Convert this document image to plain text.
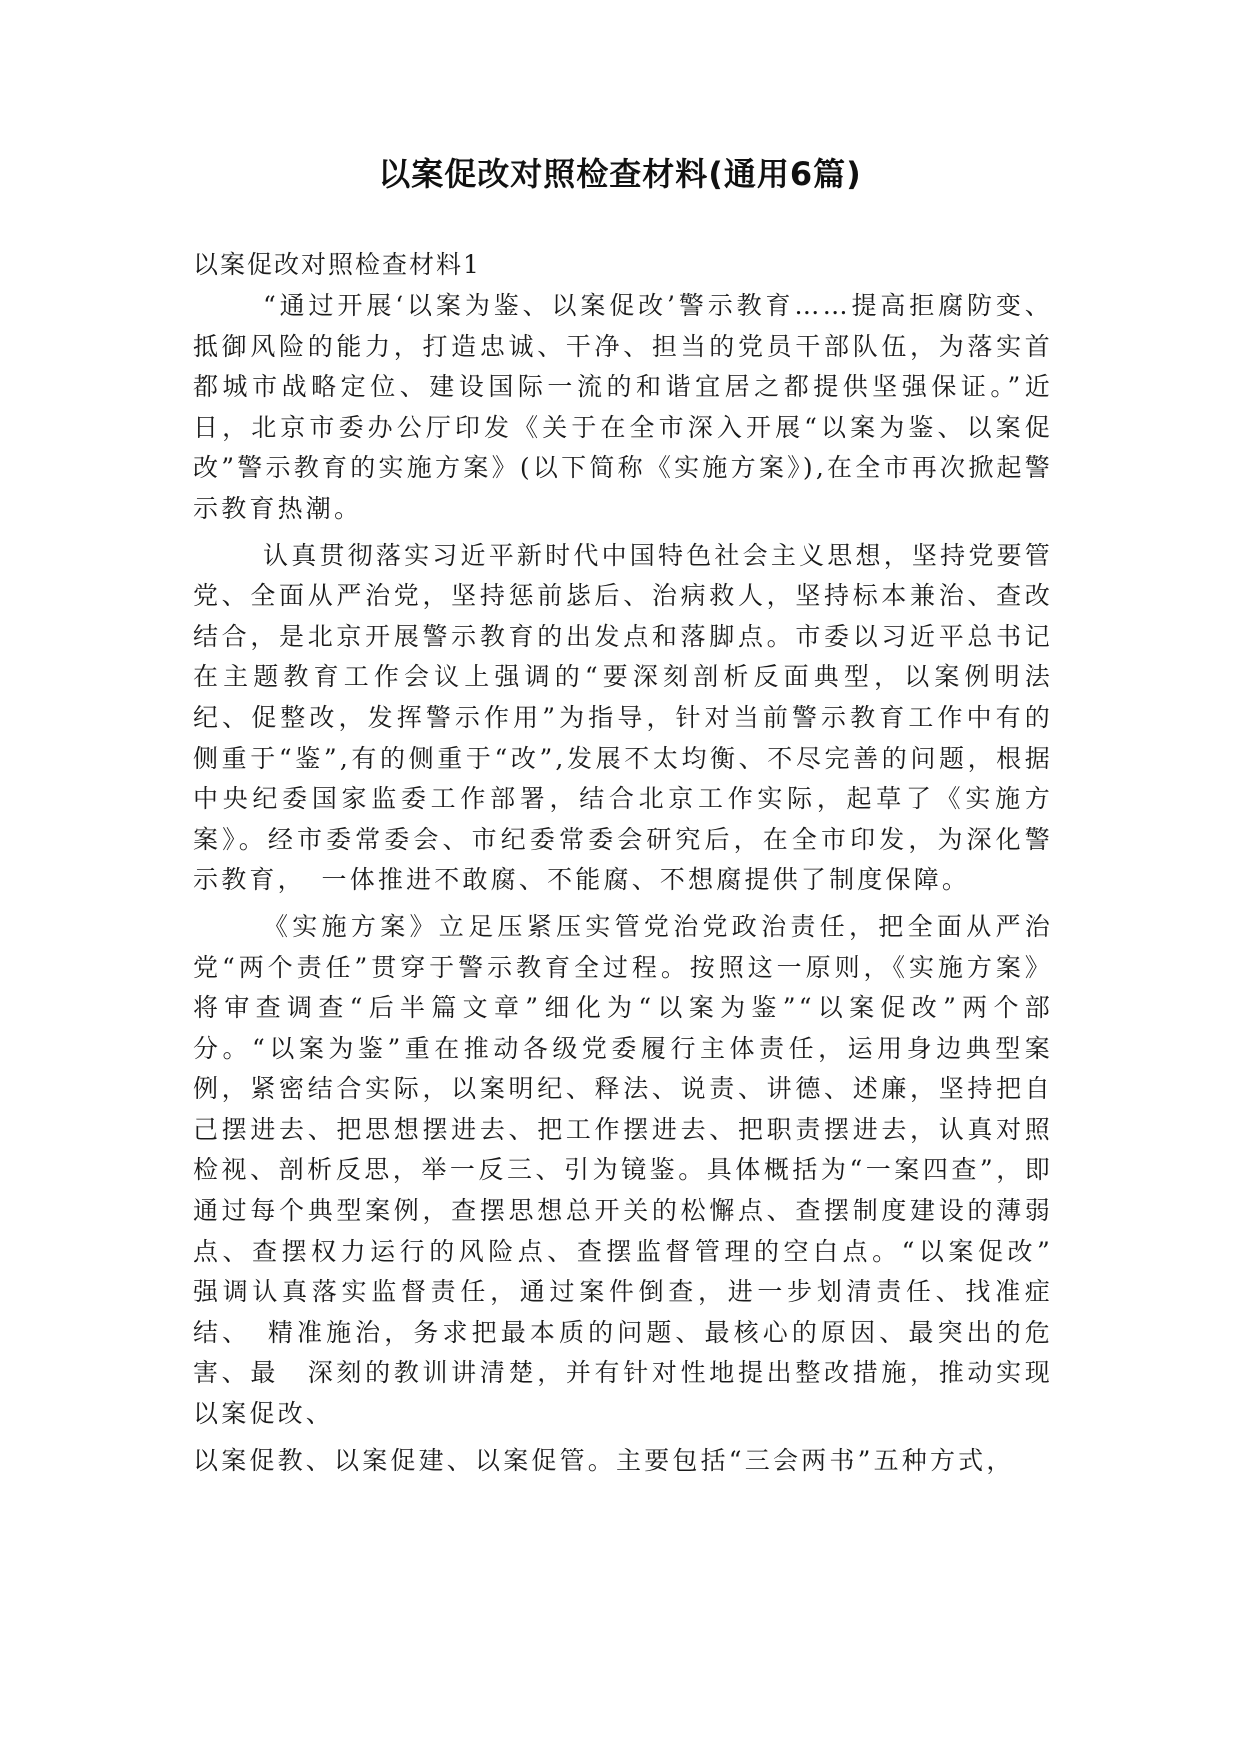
以案促改对照检查材料(通用6篇)
以案促改对照检查材料1

“通过开展‘以案为鉴、以案促改’警示教育……提高拒腐防变、抵御风险的能力，打造忠诚、干净、担当的党员干部队伍，为落实首都城市战略定位、建设国际一流的和谐宜居之都提供坚强保证。”近日，北京市委办公厅印发《关于在全市深入开展“以案为鉴、以案促改”警示教育的实施方案》(以下简称《实施方案》),在全市再次掀起警示教育热潮。

认真贯彻落实习近平新时代中国特色社会主义思想，坚持党要管党、全面从严治党，坚持惩前毖后、治病救人，坚持标本兼治、查改结合，是北京开展警示教育的出发点和落脚点。市委以习近平总书记在主题教育工作会议上强调的“要深刻剖析反面典型，以案例明法纪、促整改，发挥警示作用”为指导，针对当前警示教育工作中有的侧重于“鉴”,有的侧重于“改”,发展不太均衡、不尽完善的问题，根据中央纪委国家监委工作部署，结合北京工作实际，起草了《实施方案》。经市委常委会、市纪委常委会研究后，在全市印发，为深化警示教育，　一体推进不敢腐、不能腐、不想腐提供了制度保障。

《实施方案》立足压紧压实管党治党政治责任，把全面从严治党“两个责任”贯穿于警示教育全过程。按照这一原则，《实施方案》将审查调查“后半篇文章”细化为“以案为鉴”“以案促改”两个部分。“以案为鉴”重在推动各级党委履行主体责任，运用身边典型案例，紧密结合实际，以案明纪、释法、说责、讲德、述廉，坚持把自己摆进去、把思想摆进去、把工作摆进去、把职责摆进去，认真对照检视、剖析反思，举一反三、引为镜鉴。具体概括为“一案四查”，即通过每个典型案例，查摆思想总开关的松懈点、查摆制度建设的薄弱点、查摆权力运行的风险点、查摆监督管理的空白点。“以案促改” 强调认真落实监督责任，通过案件倒查，进一步划清责任、找准症结、　精准施治，务求把最本质的问题、最核心的原因、最突出的危害、最　深刻的教训讲清楚，并有针对性地提出整改措施，推动实现以案促改、

以案促教、以案促建、以案促管。主要包括“三会两书”五种方式，
